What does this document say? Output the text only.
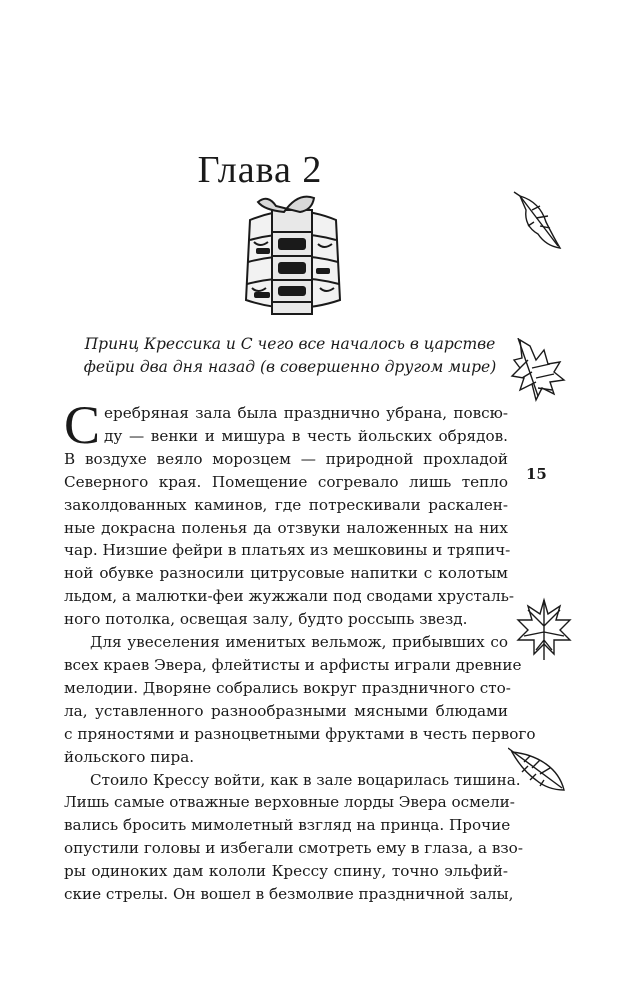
Глава 2
Принц Крессика и С чего все началось в царстве
фейри два дня назад (в совершенно другом мире)
15
С еребряная зала была празднично убрана, повсю-
ду — венки и мишура в честь йольских обрядов.
В воздухе веяло морозцем — природной прохладой
Северного края. Помещение согревало лишь тепло
заколдованных каминов, где потрескивали раскален-
ные докрасна поленья да отзвуки наложенных на них
чар. Низшие фейри в платьях из мешковины и тряпич-
ной обувке разносили цитрусовые напитки с колотым
льдом, а малютки-феи жужжали под сводами хрусталь-
ного потолка, освещая залу, будто россыпь звезд.
Для увеселения именитых вельмож, прибывших со
всех краев Эвера, флейтисты и арфисты играли древние
мелодии. Дворяне собрались вокруг праздничного сто-
ла, уставленного разнообразными мясными блюдами
с пряностями и разноцветными фруктами в честь первого
йольского пира.
Стоило Крессу войти, как в зале воцарилась тишина.
Лишь самые отважные верховные лорды Эвера осмели-
вались бросить мимолетный взгляд на принца. Прочие
опустили головы и избегали смотреть ему в глаза, а взо-
ры одиноких дам кололи Крессу спину, точно эльфий-
ские стрелы. Он вошел в безмолвие праздничной залы,
